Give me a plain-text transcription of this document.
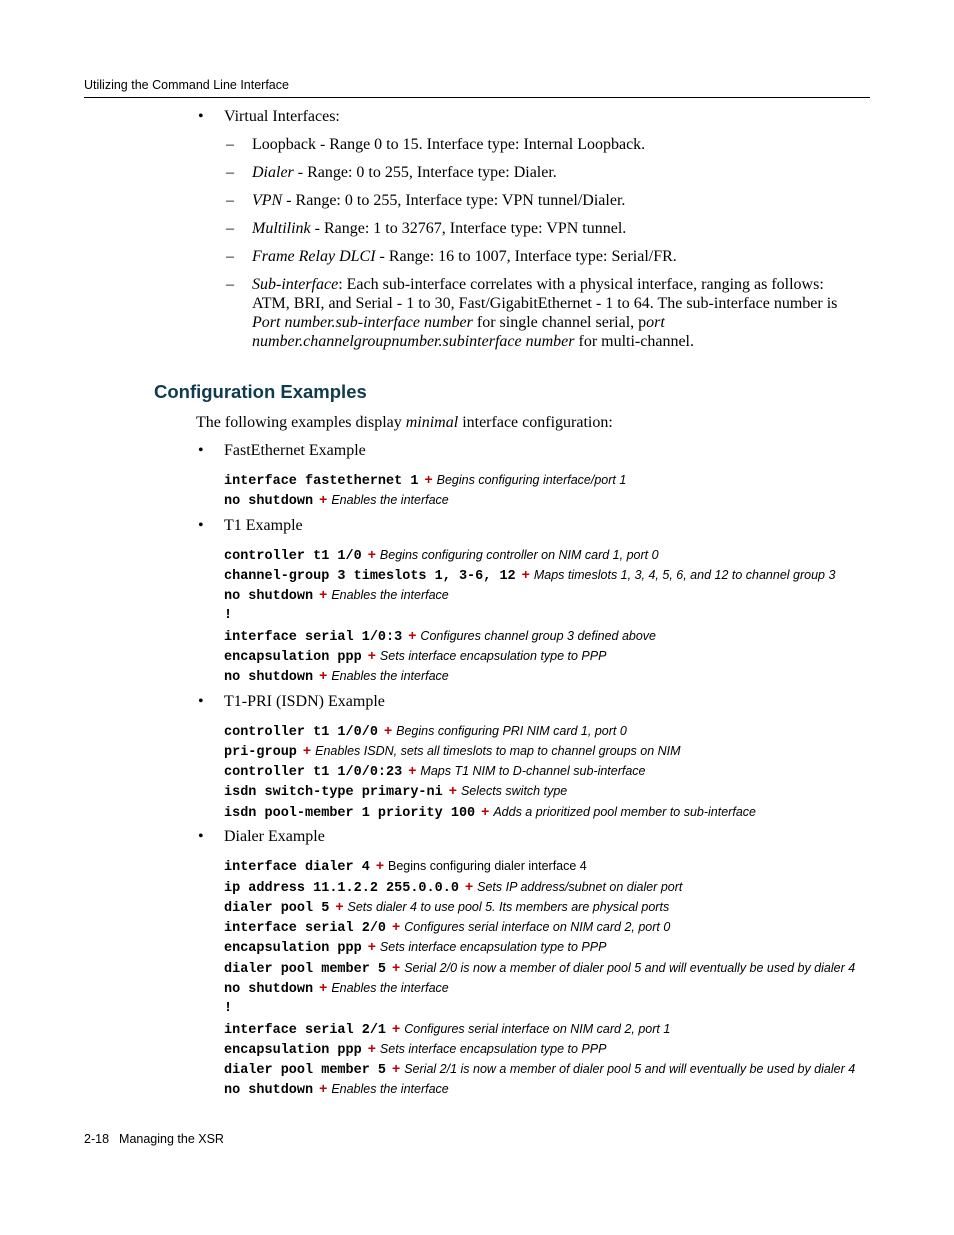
Utilizing the Command Line Interface
• Virtual Interfaces:
– Loopback - Range 0 to 15. Interface type: Internal Loopback.
– Dialer - Range: 0 to 255, Interface type: Dialer.
– VPN - Range: 0 to 255, Interface type: VPN tunnel/Dialer.
– Multilink - Range: 1 to 32767, Interface type: VPN tunnel.
– Frame Relay DLCI - Range: 16 to 1007, Interface type: Serial/FR.
– Sub-interface: Each sub-interface correlates with a physical interface, ranging as follows:
ATM, BRI, and Serial - 1 to 30, Fast/GigabitEthernet - 1 to 64. The sub-interface number is
Port number.sub-interface number for single channel serial, port
number.channelgroupnumber.subinterface number for multi-channel.
Configuration Examples
The following examples display minimal interface configuration:
• FastEthernet Example
interface fastethernet 1 + Begins configuring interface/port 1
no shutdown + Enables the interface
• T1 Example
controller t1 1/0 + Begins configuring controller on NIM card 1, port 0
channel-group 3 timeslots 1, 3-6, 12 + Maps timeslots 1, 3, 4, 5, 6, and 12 to channel group 3
no shutdown + Enables the interface
!
interface serial 1/0:3 + Configures channel group 3 defined above
encapsulation ppp + Sets interface encapsulation type to PPP
no shutdown + Enables the interface
• T1-PRI (ISDN) Example
controller t1 1/0/0 + Begins configuring PRI NIM card 1, port 0
pri-group + Enables ISDN, sets all timeslots to map to channel groups on NIM
controller t1 1/0/0:23 + Maps T1 NIM to D-channel sub-interface
isdn switch-type primary-ni + Selects switch type
isdn pool-member 1 priority 100 + Adds a prioritized pool member to sub-interface
• Dialer Example
interface dialer 4 + Begins configuring dialer interface 4
ip address 11.1.2.2 255.0.0.0 + Sets IP address/subnet on dialer port
dialer pool 5 + Sets dialer 4 to use pool 5. Its members are physical ports
interface serial 2/0 + Configures serial interface on NIM card 2, port 0
encapsulation ppp + Sets interface encapsulation type to PPP
dialer pool member 5 + Serial 2/0 is now a member of dialer pool 5 and will eventually be used by dialer 4
no shutdown + Enables the interface
!
interface serial 2/1 + Configures serial interface on NIM card 2, port 1
encapsulation ppp + Sets interface encapsulation type to PPP
dialer pool member 5 + Serial 2/1 is now a member of dialer pool 5 and will eventually be used by dialer 4
no shutdown + Enables the interface
2-18 Managing the XSR
